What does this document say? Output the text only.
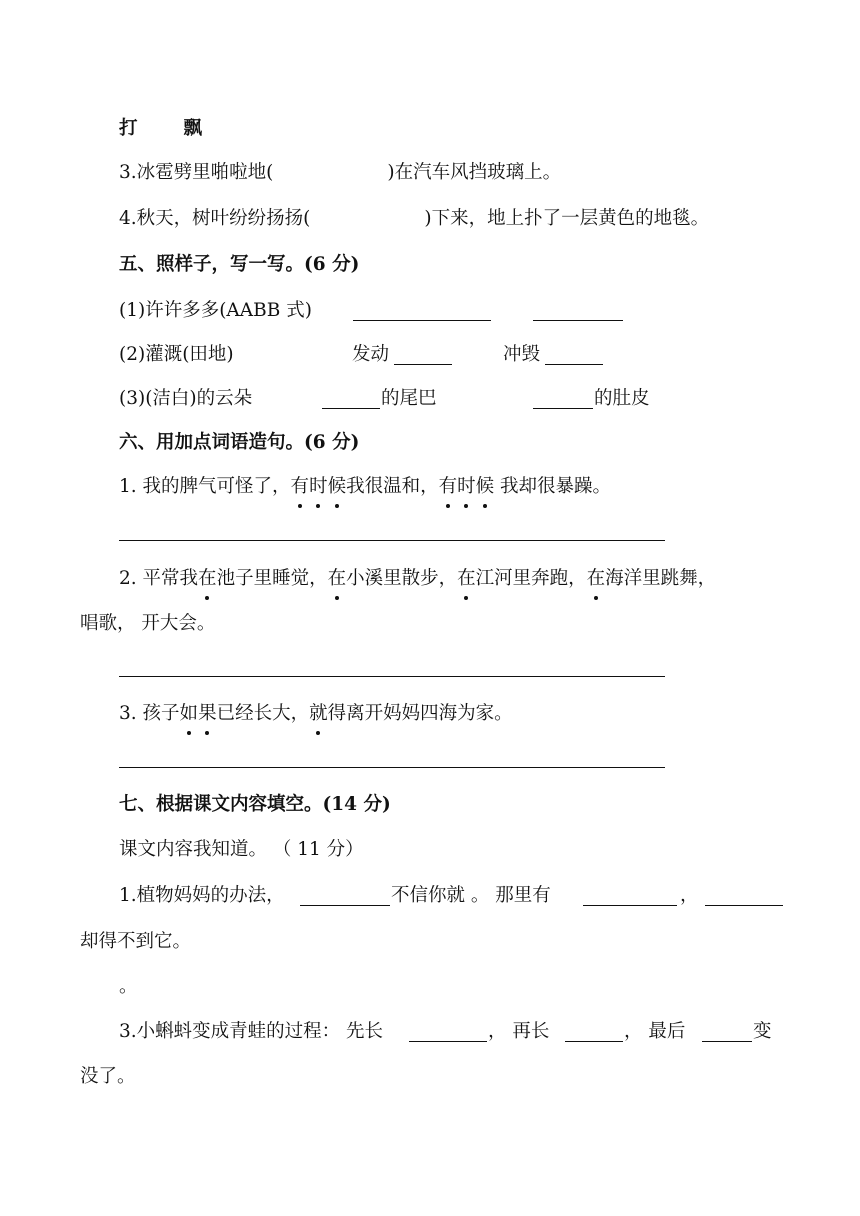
打 飘
3.冰雹劈里啪啦地(	)在汽车风挡玻璃上。
4.秋天，树叶纷纷扬扬(	)下来，地上扑了一层黄色的地毯。
五、照样子，写一写。(6 分)
(1)许许多多(AABB 式)
(2)灌溉(田地)	发动	冲毁
(3)(洁白)的云朵	的尾巴	的肚皮
六、用加点词语造句。(6 分)
1. 我的脾气可怪了，有时候我很温和，有时候 我却很暴躁。
2. 平常我在池子里睡觉，在小溪里散步，在江河里奔跑，在海洋里跳舞，
唱歌， 开大会。
3. 孩子如果已经长大，就得离开妈妈四海为家。
七、根据课文内容填空。(14 分)
课文内容我知道。 （ 11 分）
1.植物妈妈的办法，	不信你就 。 那里有	，
却得不到它。
。
3.小蝌蚪变成青蛙的过程： 先长	， 再长	， 最后	变
没了。
